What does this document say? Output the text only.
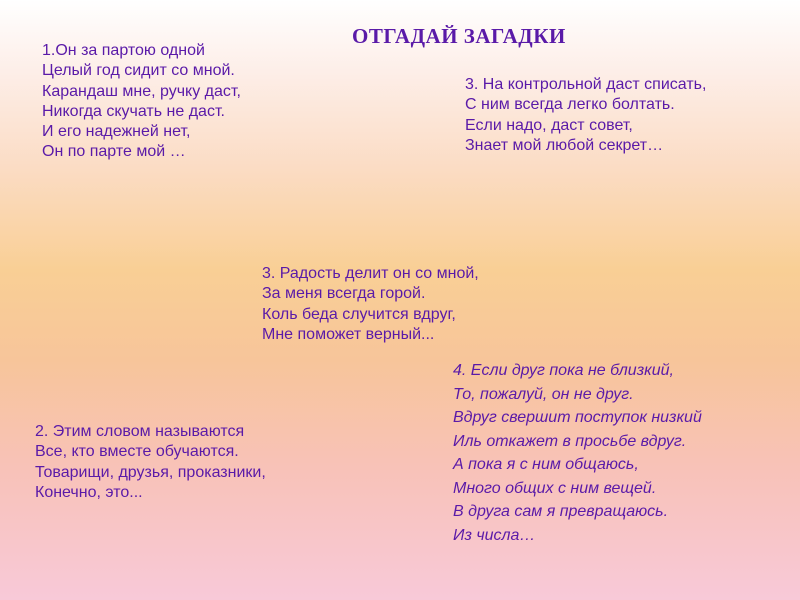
ОТГАДАЙ ЗАГАДКИ
1.Он за партою одной
Целый год сидит со мной.
Карандаш мне, ручку даст,
Никогда скучать не даст.
И его надежней нет,
Он по парте мой …
3. На контрольной даст списать,
С ним всегда легко болтать.
Если надо, даст совет,
Знает мой любой секрет…
3. Радость делит он со мной,
За меня всегда горой.
Коль беда случится вдруг,
Мне поможет верный...
4. Если друг пока не близкий,
То, пожалуй, он не друг.
Вдруг свершит поступок низкий
Иль откажет в просьбе вдруг.
А пока я с ним общаюсь,
Много общих с ним вещей.
В друга сам я превращаюсь.
Из числа…
2. Этим словом называются
Все, кто вместе обучаются.
Товарищи, друзья, проказники,
Конечно, это...
